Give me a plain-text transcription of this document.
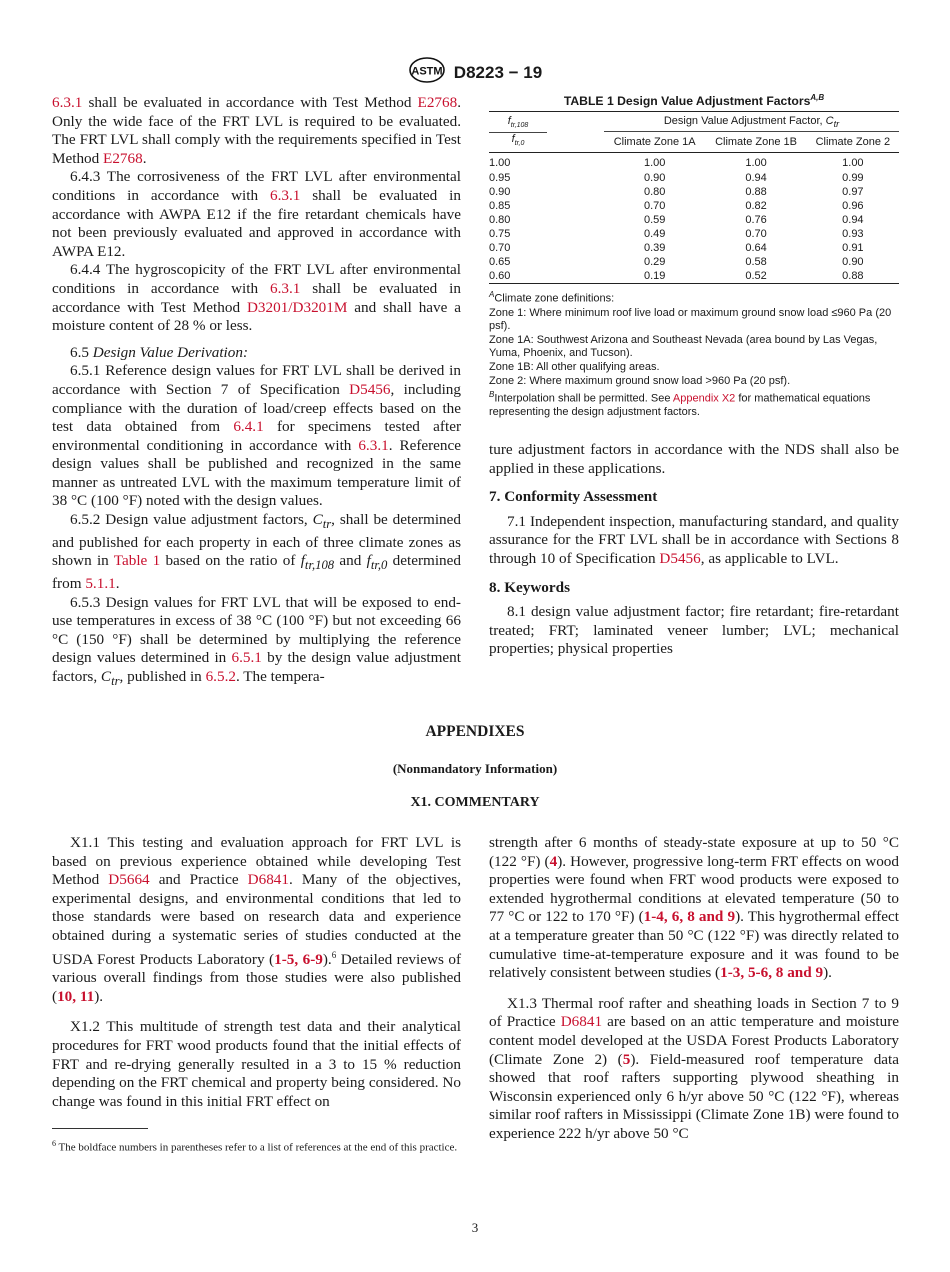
ASTM D8223 − 19

6.3.1 shall be evaluated in accordance with Test Method E2768. Only the wide face of the FRT LVL is required to be evaluated. The FRT LVL shall comply with the requirements specified in Test Method E2768.

6.4.3 The corrosiveness of the FRT LVL after environmental conditions in accordance with 6.3.1 shall be evaluated in accordance with AWPA E12 if the fire retardant chemicals have not been previously evaluated and approved in accordance with AWPA E12.

6.4.4 The hygroscopicity of the FRT LVL after environmental conditions in accordance with 6.3.1 shall be evaluated in accordance with Test Method D3201/D3201M and shall have a moisture content of 28 % or less.

6.5 Design Value Derivation:

6.5.1 Reference design values for FRT LVL shall be derived in accordance with Section 7 of Specification D5456, including compliance with the duration of load/creep effects based on the test data obtained from 6.4.1 for specimens tested after environmental conditioning in accordance with 6.3.1. Reference design values shall be published and recognized in the same manner as untreated LVL with the maximum temperature limit of 38 °C (100 °F) noted with the design values.

6.5.2 Design value adjustment factors, $C_{tr}$, shall be determined and published for each property in each of three climate zones as shown in Table 1 based on the ratio of $f_{tr,108}$ and $f_{tr,0}$ determined from 5.1.1.

6.5.3 Design values for FRT LVL that will be exposed to end-use temperatures in excess of 38 °C (100 °F) but not exceeding 66 °C (150 °F) shall be determined by multiplying the reference design values determined in 6.5.1 by the design value adjustment factors, $C_{tr}$, published in 6.5.2. The tempera-

TABLE 1 Design Value Adjustment Factors$^{A,B}$
$\frac{f_{tr,108}}{f_{tr,0}}$	Design Value Adjustment Factor, $C_{tr}$
	Climate Zone 1A	Climate Zone 1B	Climate Zone 2
1.00	1.00	1.00	1.00
0.95	0.90	0.94	0.99
0.90	0.80	0.88	0.97
0.85	0.70	0.82	0.96
0.80	0.59	0.76	0.94
0.75	0.49	0.70	0.93
0.70	0.39	0.64	0.91
0.65	0.29	0.58	0.90
0.60	0.19	0.52	0.88

$^A$Climate zone definitions:

Zone 1: Where minimum roof live load or maximum ground snow load ≤960 Pa (20 psf).

Zone 1A: Southwest Arizona and Southeast Nevada (area bound by Las Vegas, Yuma, Phoenix, and Tucson).

Zone 1B: All other qualifying areas.

Zone 2: Where maximum ground snow load >960 Pa (20 psf).

$^B$Interpolation shall be permitted. See Appendix X2 for mathematical equations representing the design adjustment factors.

ture adjustment factors in accordance with the NDS shall also be applied in these applications.

7. Conformity Assessment

7.1 Independent inspection, manufacturing standard, and quality assurance for the FRT LVL shall be in accordance with Sections 8 through 10 of Specification D5456, as applicable to LVL.

8. Keywords

8.1 design value adjustment factor; fire retardant; fire-retardant treated; FRT; laminated veneer lumber; LVL; mechanical properties; physical properties

APPENDIXES
(Nonmandatory Information)
X1. COMMENTARY

X1.1 This testing and evaluation approach for FRT LVL is based on previous experience obtained while developing Test Method D5664 and Practice D6841. Many of the objectives, experimental designs, and environmental conditions that led to those standards were based on research data and experience obtained during a systematic series of studies conducted at the USDA Forest Products Laboratory (1-5, 6-9).$^6$ Detailed reviews of various overall findings from those studies were also published (10, 11).

X1.2 This multitude of strength test data and their analytical procedures for FRT wood products found that the initial effects of FRT and re-drying generally resulted in a 3 to 15 % reduction depending on the FRT chemical and property being considered. No change was found in this initial FRT effect on

strength after 6 months of steady-state exposure at up to 50 °C (122 °F) (4). However, progressive long-term FRT effects on wood properties were found when FRT wood products were exposed to extended hygrothermal conditions at elevated temperature (50 to 77 °C or 122 to 170 °F) (1-4, 6, 8 and 9). This hygrothermal effect at a temperature greater than 50 °C (122 °F) was directly related to cumulative time-at-temperature exposure and it was found to be relatively consistent between studies (1-3, 5-6, 8 and 9).

X1.3 Thermal roof rafter and sheathing loads in Section 7 to 9 of Practice D6841 are based on an attic temperature and moisture content model developed at the USDA Forest Products Laboratory (Climate Zone 2) (5). Field-measured roof temperature data showed that roof rafters supporting plywood sheathing in Wisconsin experienced only 6 h/yr above 50 °C (122 °F), whereas similar roof rafters in Mississippi (Climate Zone 1B) were found to experience 222 h/yr above 50 °C

$^6$ The boldface numbers in parentheses refer to a list of references at the end of this practice.
3
